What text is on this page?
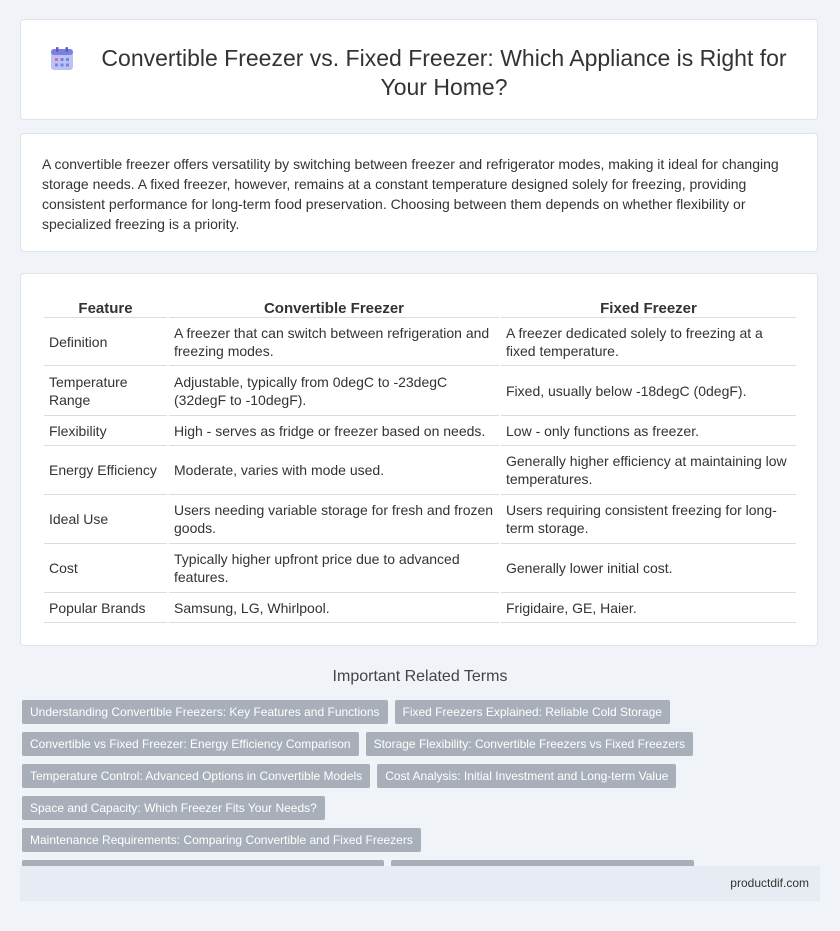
Convertible Freezer vs. Fixed Freezer: Which Appliance is Right for Your Home?

A convertible freezer offers versatility by switching between freezer and refrigerator modes, making it ideal for changing storage needs. A fixed freezer, however, remains at a constant temperature designed solely for freezing, providing consistent performance for long-term food preservation. Choosing between them depends on whether flexibility or specialized freezing is a priority.

Feature	Convertible Freezer	Fixed Freezer
Definition	A freezer that can switch between refrigeration and freezing modes.	A freezer dedicated solely to freezing at a fixed temperature.
Temperature Range	Adjustable, typically from 0degC to -23degC (32degF to -10degF).	Fixed, usually below -18degC (0degF).
Flexibility	High - serves as fridge or freezer based on needs.	Low - only functions as freezer.
Energy Efficiency	Moderate, varies with mode used.	Generally higher efficiency at maintaining low temperatures.
Ideal Use	Users needing variable storage for fresh and frozen goods.	Users requiring consistent freezing for long-term storage.
Cost	Typically higher upfront price due to advanced features.	Generally lower initial cost.
Popular Brands	Samsung, LG, Whirlpool.	Frigidaire, GE, Haier.
Important Related Terms
Understanding Convertible Freezers: Key Features and Functions	Fixed Freezers Explained: Reliable Cold Storage
Convertible vs Fixed Freezer: Energy Efficiency Comparison	Storage Flexibility: Convertible Freezers vs Fixed Freezers
Temperature Control: Advanced Options in Convertible Models	Cost Analysis: Initial Investment and Long-term Value
Space and Capacity: Which Freezer Fits Your Needs?
Maintenance Requirements: Comparing Convertible and Fixed Freezers
productdif.com
